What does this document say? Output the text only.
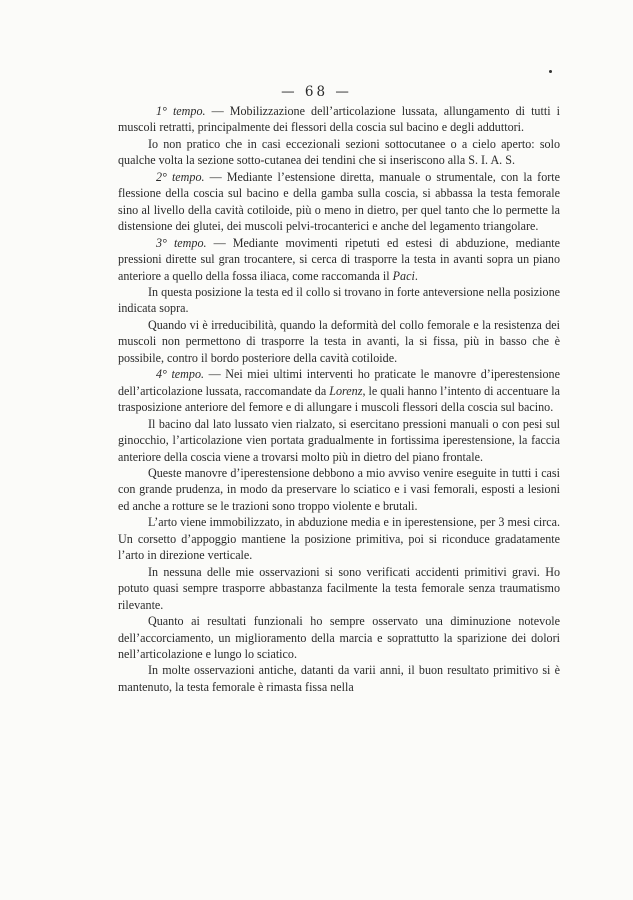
— 68 —

1° tempo. — Mobilizzazione dell’articolazione lussata, allungamento di tutti i muscoli retratti, principalmente dei flessori della coscia sul bacino e degli adduttori.

Io non pratico che in casi eccezionali sezioni sottocutanee o a cielo aperto: solo qualche volta la sezione sotto-cutanea dei tendini che si inseriscono alla S. I. A. S.

2° tempo. — Mediante l’estensione diretta, manuale o strumentale, con la forte flessione della coscia sul bacino e della gamba sulla coscia, si abbassa la testa femorale sino al livello della cavità cotiloide, più o meno in dietro, per quel tanto che lo permette la distensione dei glutei, dei muscoli pelvi-trocanterici e anche del legamento triangolare.

3° tempo. — Mediante movimenti ripetuti ed estesi di abduzione, mediante pressioni dirette sul gran trocantere, si cerca di trasporre la testa in avanti sopra un piano anteriore a quello della fossa iliaca, come raccomanda il Paci.

In questa posizione la testa ed il collo si trovano in forte anteversione nella posizione indicata sopra.

Quando vi è irreducibilità, quando la deformità del collo femorale e la resistenza dei muscoli non permettono di trasporre la testa in avanti, la si fissa, più in basso che è possibile, contro il bordo posteriore della cavità cotiloide.

4° tempo. — Nei miei ultimi interventi ho praticate le manovre d’iperestensione dell’articolazione lussata, raccomandate da Lorenz, le quali hanno l’intento di accentuare la trasposizione anteriore del femore e di allungare i muscoli flessori della coscia sul bacino.

Il bacino dal lato lussato vien rialzato, si esercitano pressioni manuali o con pesi sul ginocchio, l’articolazione vien portata gradualmente in fortissima iperestensione, la faccia anteriore della coscia viene a trovarsi molto più in dietro del piano frontale.

Queste manovre d’iperestensione debbono a mio avviso venire eseguite in tutti i casi con grande prudenza, in modo da preservare lo sciatico e i vasi femorali, esposti a lesioni ed anche a rotture se le trazioni sono troppo violente e brutali.

L’arto viene immobilizzato, in abduzione media e in iperestensione, per 3 mesi circa. Un corsetto d’appoggio mantiene la posizione primitiva, poi si riconduce gradatamente l’arto in direzione verticale.

In nessuna delle mie osservazioni si sono verificati accidenti primitivi gravi. Ho potuto quasi sempre trasporre abbastanza facilmente la testa femorale senza traumatismo rilevante.

Quanto ai resultati funzionali ho sempre osservato una diminuzione notevole dell’accorciamento, un miglioramento della marcia e soprattutto la sparizione dei dolori nell’articolazione e lungo lo sciatico.

In molte osservazioni antiche, datanti da varii anni, il buon resultato primitivo si è mantenuto, la testa femorale è rimasta fissa nella
